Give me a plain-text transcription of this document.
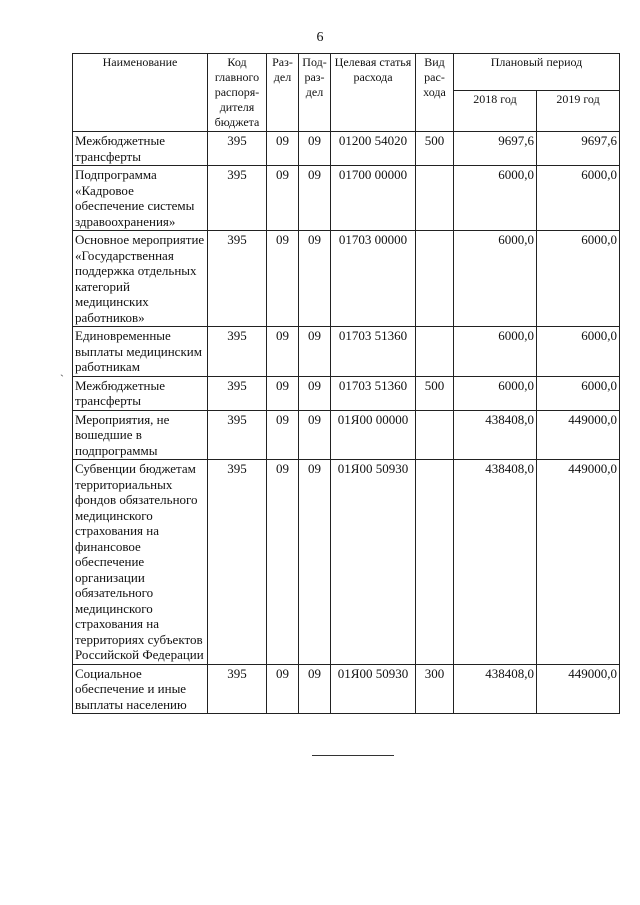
6
`
Наименование	Код главного распоря-дителя бюджета	Раз-дел	Под-раз-дел	Целевая статья расхода	Вид рас-хода	Плановый период	
						2018 год	2019 год
Межбюджетные трансферты	395	09	09	01200 54020	500	9697,6	9697,6
Подпрограмма «Кадровое обеспечение системы здравоохранения»	395	09	09	01700 00000		6000,0	6000,0
Основное мероприятие «Государственная поддержка отдельных категорий медицинских работников»	395	09	09	01703 00000		6000,0	6000,0
Единовременные выплаты медицинским работникам	395	09	09	01703 51360		6000,0	6000,0
Межбюджетные трансферты	395	09	09	01703 51360	500	6000,0	6000,0
Мероприятия, не вошедшие в подпрограммы	395	09	09	01Я00 00000		438408,0	449000,0
Субвенции бюджетам территориальных фондов обязательного медицинского страхования на финансовое обеспечение организации обязательного медицинского страхования на территориях субъектов Российской Федерации	395	09	09	01Я00 50930		438408,0	449000,0
Социальное обеспечение и иные выплаты населению	395	09	09	01Я00 50930	300	438408,0	449000,0
